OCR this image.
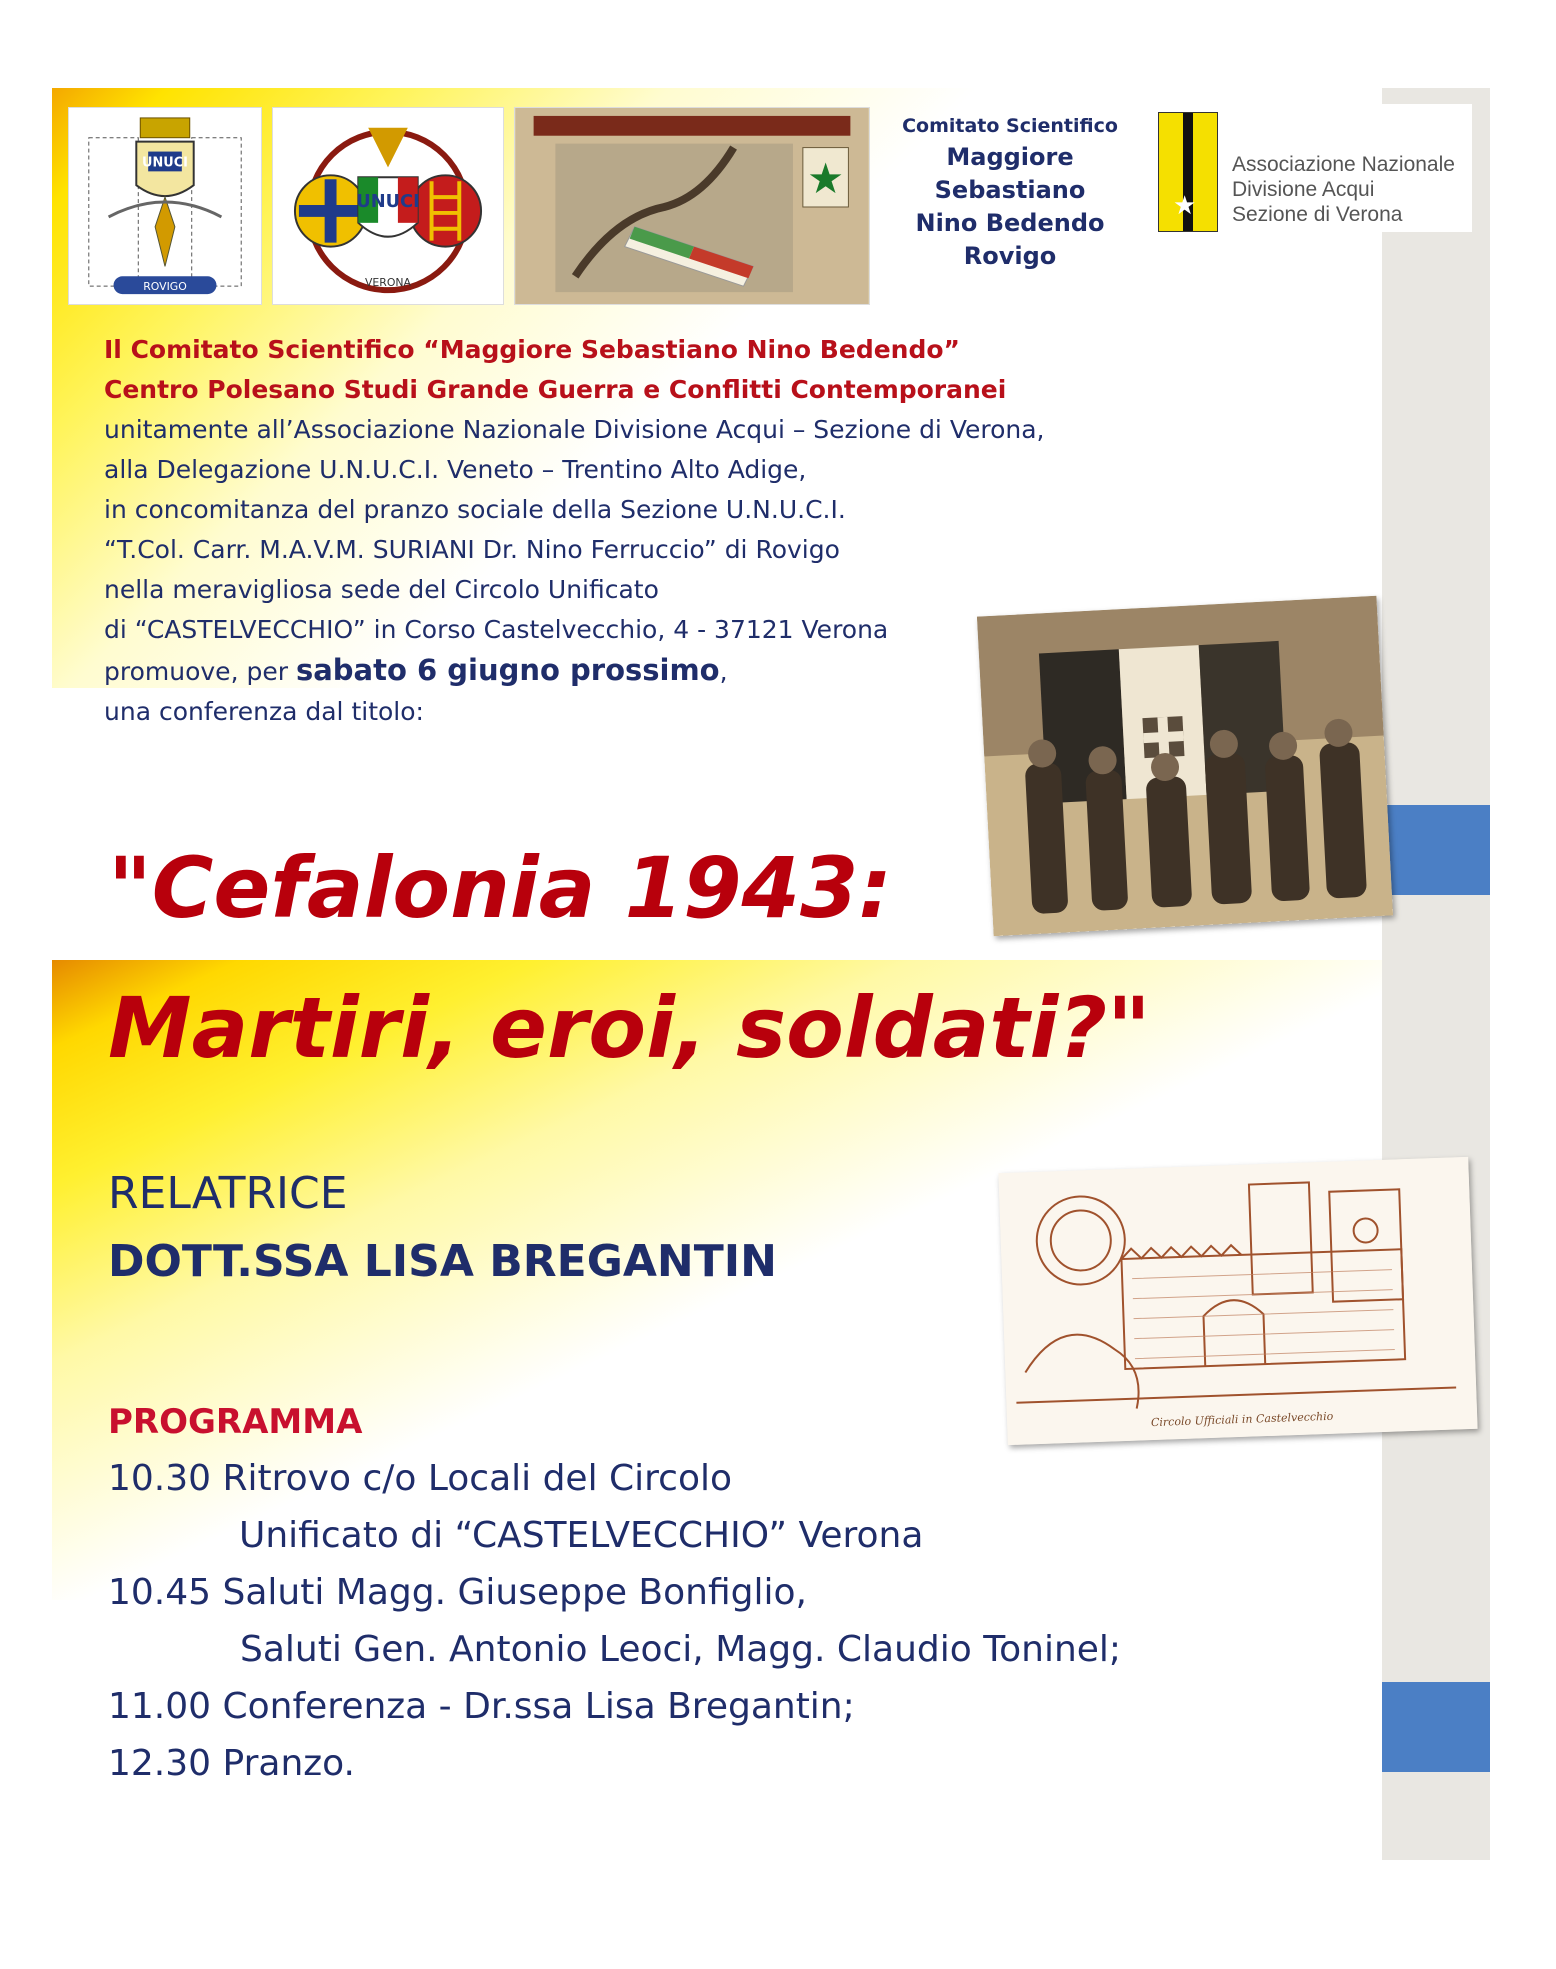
UNUCI
ROVIGO
UNUCI
VERONA
Comitato Scientifico
Maggiore
Sebastiano
Nino Bedendo
Rovigo
★
Associazione Nazionale
Divisione Acqui
Sezione di Verona
Il Comitato Scientifico “Maggiore Sebastiano Nino Bedendo”
Centro Polesano Studi Grande Guerra e Conflitti Contemporanei
unitamente all’Associazione Nazionale Divisione Acqui – Sezione di Verona,
alla Delegazione U.N.U.C.I. Veneto – Trentino Alto Adige,
in concomitanza del pranzo sociale della Sezione U.N.U.C.I.
“T.Col. Carr. M.A.V.M. SURIANI Dr. Nino Ferruccio” di Rovigo
nella meravigliosa sede del Circolo Unificato
di “CASTELVECCHIO” in Corso Castelvecchio, 4 - 37121 Verona
promuove, per sabato 6 giugno prossimo,
una conferenza dal titolo:
"Cefalonia 1943:
Martiri, eroi, soldati?"
RELATRICE
DOTT.SSA LISA BREGANTIN
Circolo Ufficiali in Castelvecchio
PROGRAMMA
10.30 Ritrovo c/o Locali del Circolo
Unificato di “CASTELVECCHIO” Verona
10.45 Saluti Magg. Giuseppe Bonfiglio,
Saluti Gen. Antonio Leoci, Magg. Claudio Toninel;
11.00 Conferenza - Dr.ssa Lisa Bregantin;
12.30 Pranzo.
